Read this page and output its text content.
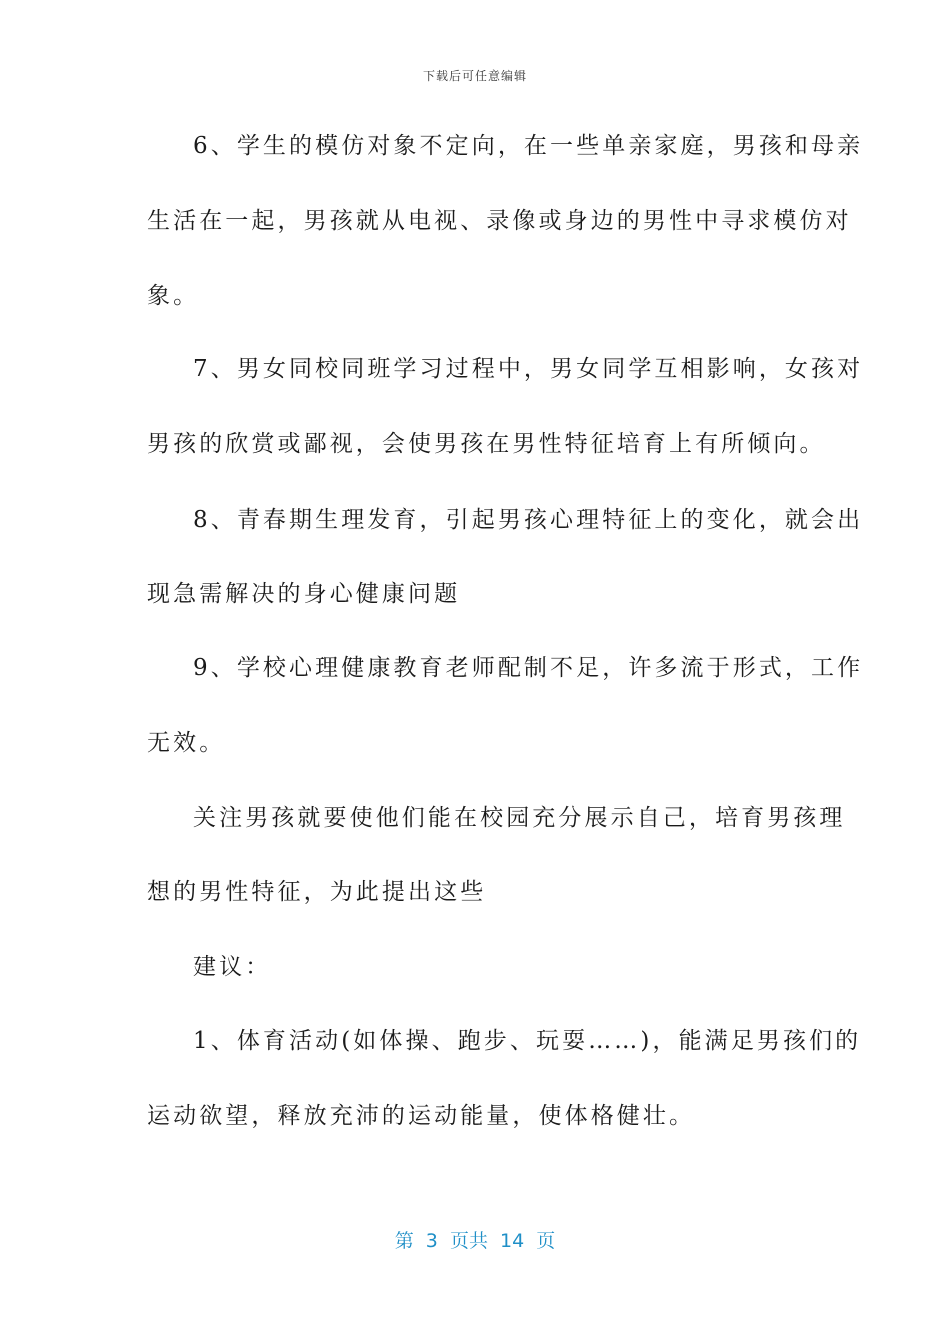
下载后可任意编辑
6、学生的模仿对象不定向，在一些单亲家庭，男孩和母亲
生活在一起，男孩就从电视、录像或身边的男性中寻求模仿对
象。
7、男女同校同班学习过程中，男女同学互相影响，女孩对
男孩的欣赏或鄙视，会使男孩在男性特征培育上有所倾向。
8、青春期生理发育，引起男孩心理特征上的变化，就会出
现急需解决的身心健康问题
9、学校心理健康教育老师配制不足，许多流于形式，工作
无效。
关注男孩就要使他们能在校园充分展示自己，培育男孩理
想的男性特征，为此提出这些
建议：
1、体育活动(如体操、跑步、玩耍……)，能满足男孩们的
运动欲望，释放充沛的运动能量，使体格健壮。
第  3  页共  14  页
